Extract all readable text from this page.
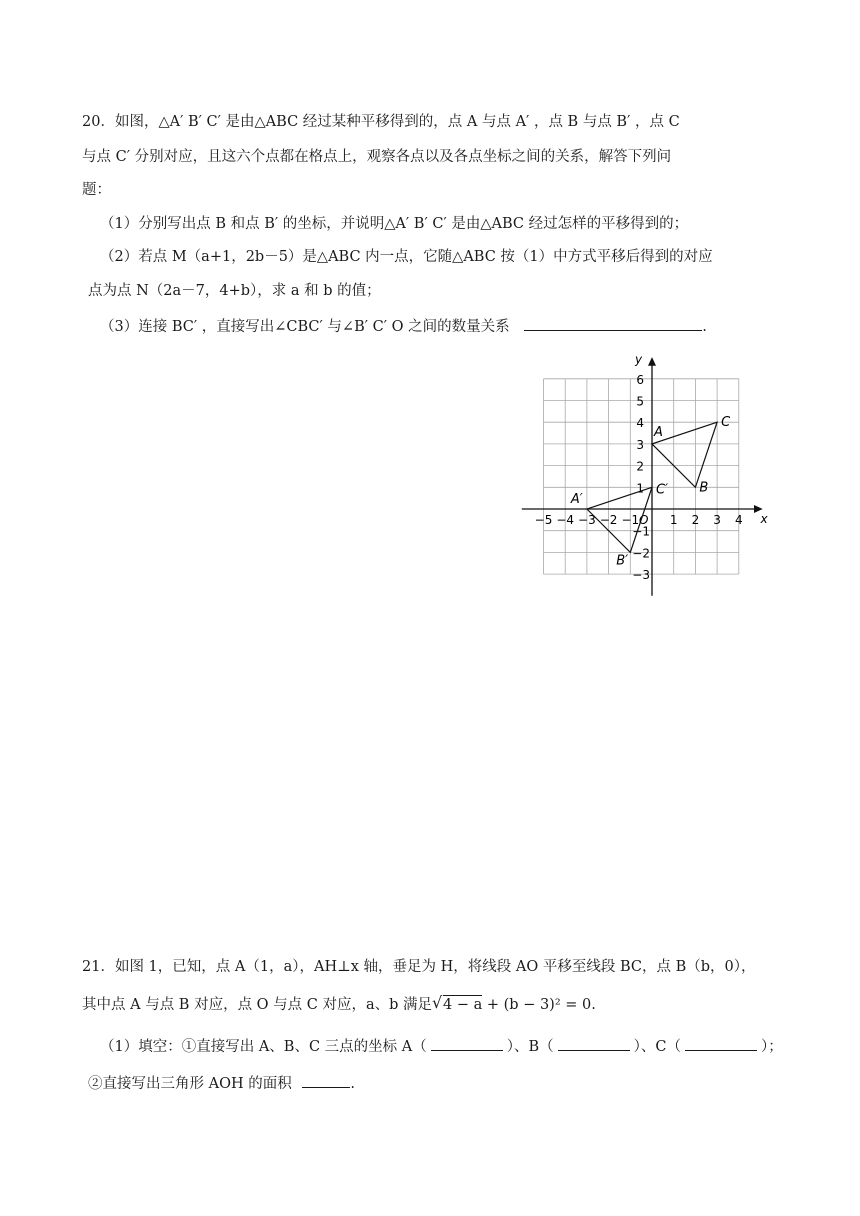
20．如图，△A′ B′ C′ 是由△ABC 经过某种平移得到的，点 A 与点 A′ ，点 B 与点 B′ ，点 C
与点 C′ 分别对应，且这六个点都在格点上，观察各点以及各点坐标之间的关系，解答下列问
题：
（1）分别写出点 B 和点 B′ 的坐标，并说明△A′ B′ C′ 是由△ABC 经过怎样的平移得到的；
（2）若点 M（a+1，2b－5）是△ABC 内一点，它随△ABC 按（1）中方式平移后得到的对应
点为点 N（2a－7，4+b），求 a 和 b 的值；
（3）连接 BC′ ，直接写出∠CBC′ 与∠B′ C′ O 之间的数量关系	.
x
y
−5 −4 −3 −2 −1	1 2 3 4
1
2
3
4
5
6
−1
−2
−3
O
A
B
C
A′
B′
C′
21．如图 1，已知，点 A（1，a），AH⊥x 轴，垂足为 H，将线段 AO 平移至线段 BC，点 B（b，0），
其中点 A 与点 B 对应，点 O 与点 C 对应，a、b 满足 √ 4 − a + (b − 3)² = 0.
（1）填空：①直接写出 A、B、C 三点的坐标 A（	）、B（	）、C（	）；
②直接写出三角形 AOH 的面积	.
